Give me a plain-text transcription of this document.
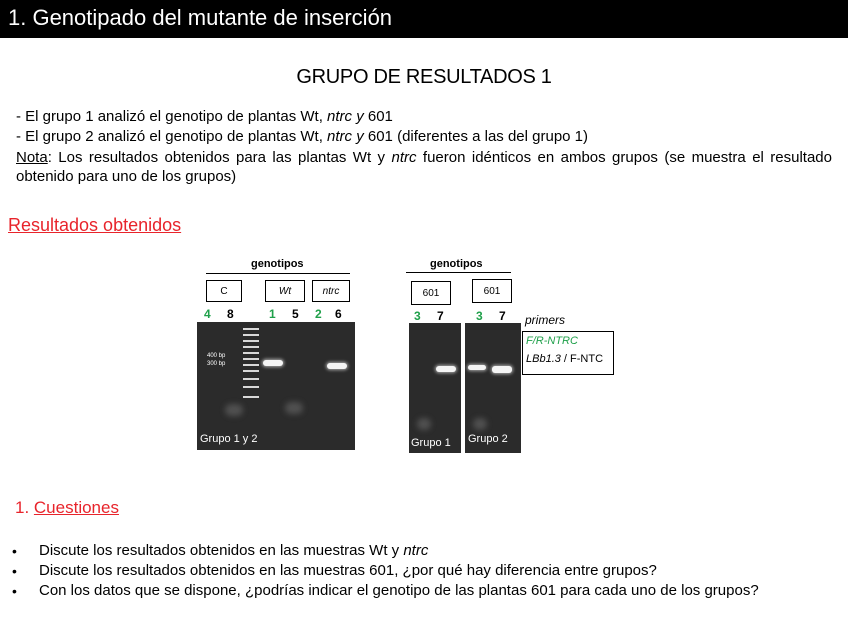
1. Genotipado del mutante de inserción
GRUPO DE RESULTADOS 1
- El grupo 1 analizó el genotipo de plantas Wt, ntrc y 601
- El grupo 2 analizó el genotipo de plantas Wt, ntrc y 601 (diferentes a las del grupo 1)
Nota: Los resultados obtenidos para las plantas Wt y ntrc fueron idénticos en ambos grupos (se muestra el resultado obtenido para uno de los grupos)
Resultados obtenidos
genotipos
C	Wt	ntrc
4 8	1 5 2 6
400 bp
300 bp
Grupo 1 y 2
genotipos
601	601
3 7	3 7
Grupo 1 Grupo 2
primers
F/R-NTRC
LBb1.3 / F-NTC
1. Cuestiones
• Discute los resultados obtenidos en las muestras Wt y ntrc
• Discute los resultados obtenidos en las muestras 601, ¿por qué hay diferencia entre grupos?
• Con los datos que se dispone, ¿podrías indicar el genotipo de las plantas 601 para cada uno de los grupos?
